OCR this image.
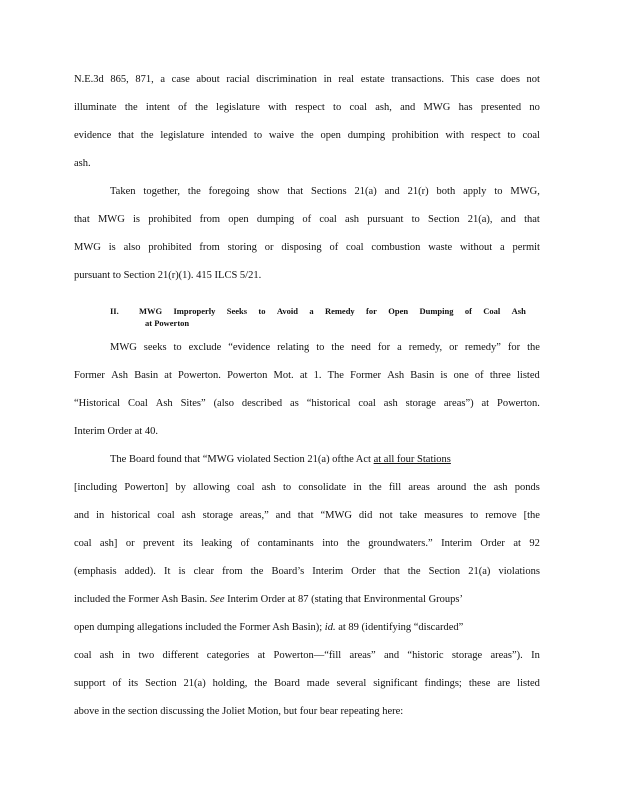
N.E.3d 865, 871, a case about racial discrimination in real estate transactions. This case does not
illuminate the intent of the legislature with respect to coal ash, and MWG has presented no
evidence that the legislature intended to waive the open dumping prohibition with respect to coal
ash.
Taken together, the foregoing show that Sections 21(a) and 21(r) both apply to MWG,
that MWG is prohibited from open dumping of coal ash pursuant to Section 21(a), and that
MWG is also prohibited from storing or disposing of coal combustion waste without a permit
pursuant to Section 21(r)(1). 415 ILCS 5/21.
II.	MWG Improperly Seeks to Avoid a Remedy for Open Dumping of Coal Ash
at Powerton
MWG seeks to exclude “evidence relating to the need for a remedy, or remedy” for the
Former Ash Basin at Powerton. Powerton Mot. at 1. The Former Ash Basin is one of three listed
“Historical Coal Ash Sites” (also described as “historical coal ash storage areas”) at Powerton.
Interim Order at 40.
The Board found that “MWG violated Section 21(a) ofthe Act
at all four Stations
[including Powerton] by allowing coal ash to consolidate in the fill areas around the ash ponds
and in historical coal ash storage areas,” and that “MWG did not take measures to remove [the
coal ash] or prevent its leaking of contaminants into the groundwaters.” Interim Order at 92
(emphasis added). It is clear from the Board’s Interim Order that the Section 21(a) violations
included the Former Ash Basin.
See
Interim Order at 87 (stating that Environmental Groups’
open dumping allegations included the Former Ash Basin);
id.
at 89 (identifying “discarded”
coal ash in two different categories at Powerton—“fill areas” and “historic storage areas”). In
support of its Section 21(a) holding, the Board made several significant findings; these are listed
above in the section discussing the Joliet Motion, but four bear repeating here:
